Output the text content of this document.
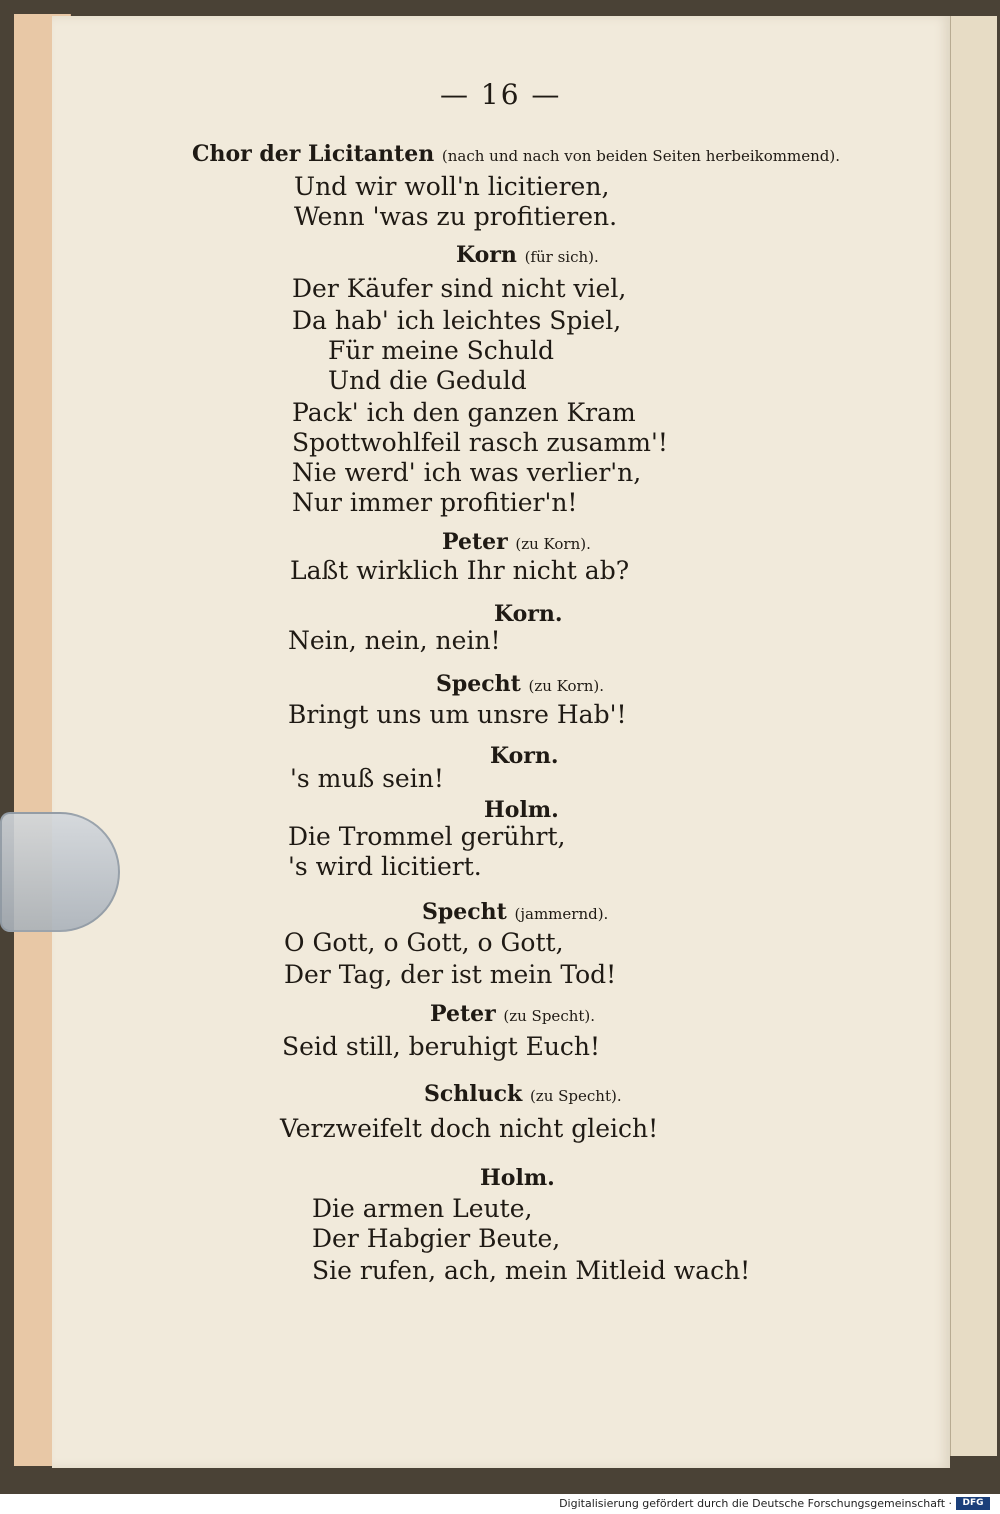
— 16 —
Chor der Licitanten (nach und nach von beiden Seiten herbeikommend).
Und wir woll'n licitieren,
Wenn 'was zu profitieren.
Korn (für sich).
Der Käufer sind nicht viel,
Da hab' ich leichtes Spiel,
Für meine Schuld
Und die Geduld
Pack' ich den ganzen Kram
Spottwohlfeil rasch zusamm'!
Nie werd' ich was verlier'n,
Nur immer profitier'n!
Peter (zu Korn).
Laßt wirklich Ihr nicht ab?
Korn.
Nein, nein, nein!
Specht (zu Korn).
Bringt uns um unsre Hab'!
Korn.
's muß sein!
Holm.
Die Trommel gerührt,
's wird licitiert.
Specht (jammernd).
O Gott, o Gott, o Gott,
Der Tag, der ist mein Tod!
Peter (zu Specht).
Seid still, beruhigt Euch!
Schluck (zu Specht).
Verzweifelt doch nicht gleich!
Holm.
Die armen Leute,
Der Habgier Beute,
Sie rufen, ach, mein Mitleid wach!
Digitalisierung gefördert durch die Deutsche Forschungsgemeinschaft ·	DFG
